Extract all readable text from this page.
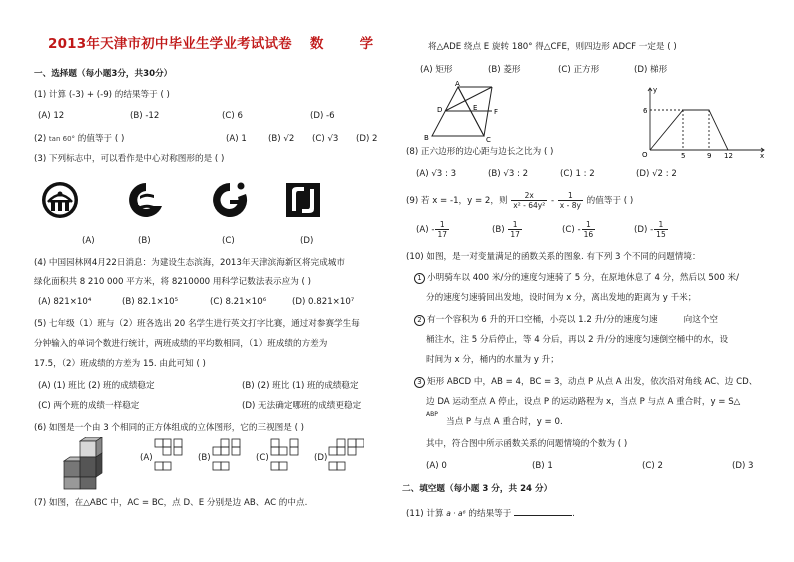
2013年天津市初中毕业生学业考试试卷 数	学
一、选择题（每小题3分，共30分）
(1) 计算 (-3) + (-9) 的结果等于 ( )
(A) 12	(B) -12	(C) 6	(D) -6
(2) tan 60° 的值等于 ( )	(A) 1 (B) √2 (C) √3 (D) 2
(3) 下列标志中，可以看作是中心对称图形的是 ( )
(A)	(B)	(C)	(D)
(4) 中国园林网4月22日消息：为建设生态滨海，2013年天津滨海新区将完成城市
绿化面积共 8 210 000 平方米，将 8210000 用科学记数法表示应为 ( )
(A) 821×10⁴	(B) 82.1×10⁵	(C) 8.21×10⁶	(D) 0.821×10⁷
(5) 七年级（1）班与（2）班各选出 20 名学生进行英文打字比赛，通过对参赛学生每
分钟输入的单词个数进行统计，两班成绩的平均数相同，（1）班成绩的方差为
17.5，（2）班成绩的方差为 15. 由此可知 ( )
(A) (1) 班比 (2) 班的成绩稳定	(B) (2) 班比 (1) 班的成绩稳定
(C) 两个班的成绩一样稳定	(D) 无法确定哪班的成绩更稳定
(6) 如图是一个由 3 个相同的正方体组成的立体图形，它的三视图是 ( )
(A)	(B)	(C)	(D)
(7) 如图，在△ABC 中，AC = BC，点 D、E 分别是边 AB、AC 的中点.
将△ADE 绕点 E 旋转 180° 得△CFE，则四边形 ADCF 一定是 ( )
(A) 矩形	(B) 菱形	(C) 正方形	(D) 梯形
A
B	C
D	E F
y
x
O
6
5	9 12
(8) 正六边形的边心距与边长之比为 ( )
(A) √3 : 3	(B) √3 : 2	(C) 1 : 2	(D) √2 : 2
(9) 若 x = -1，y = 2，则 $\frac{2x}{\text{x² - 64y²}} - \frac{1}{x - 8y}$ 的值等于 ( )
$(A) - \frac{1}{17}$	$(B) \frac{1}{17}$	$(C) - \frac{1}{16}$	$(D) - \frac{1}{15}$
(10) 如图，是一对变量满足的函数关系的图象. 有下列 3 个不同的问题情境：
1 小明骑车以 400 米/分的速度匀速骑了 5 分，在原地休息了 4 分，然后以 500 米/
分的速度匀速骑回出发地，设时间为 x 分，离出发地的距离为 y 千米；
2 有一个容积为 6 升的开口空桶，小亮以 1.2 升/分的速度匀速	向这个空
桶注水，注 5 分后停止，等 4 分后，再以 2 升/分的速度匀速倒空桶中的水，设
时间为 x 分，桶内的水量为 y 升；
3 矩形 ABCD 中，AB = 4，BC = 3，动点 P 从点 A 出发，依次沿对角线 AC、边 CD、
边 DA 运动至点 A 停止，设点 P 的运动路程为 x，当点 P 与点 A 重合时，y = S△
ABP
当点 P 与点 A 重合时，y = 0.
其中，符合图中所示函数关系的问题情境的个数为 ( )
(A) 0	(B) 1	(C) 2	(D) 3
二、填空题（每小题 3 分，共 24 分）
(11) 计算 a · a⁶ 的结果等于	.
